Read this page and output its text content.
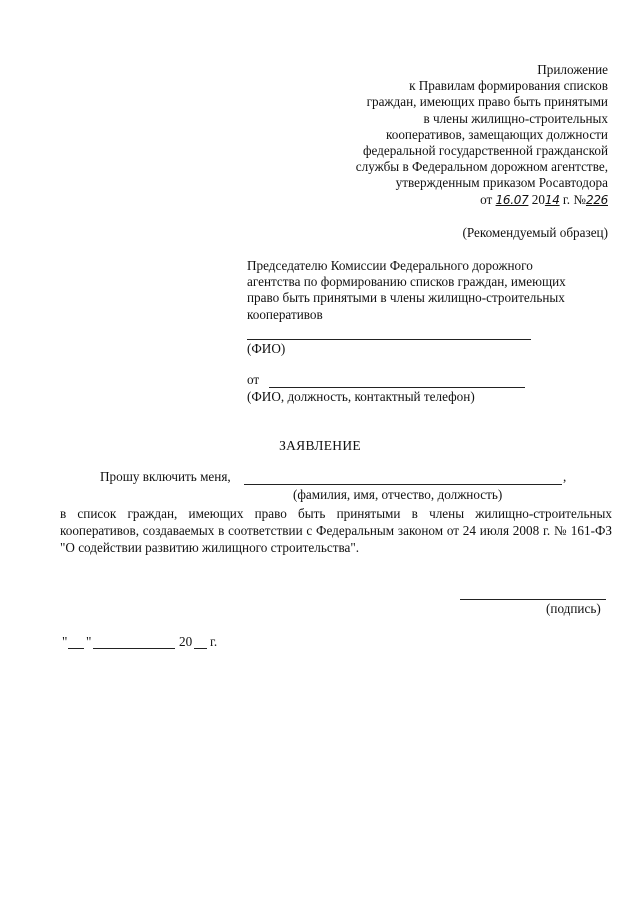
Приложение
к Правилам формирования списков
граждан, имеющих право быть принятыми
в члены жилищно-строительных
кооперативов, замещающих должности
федеральной государственной гражданской
службы в Федеральном дорожном агентстве,
утвержденным приказом Росавтодора
от 16.07 2014 г. №226
(Рекомендуемый образец)
Председателю Комиссии Федерального дорожного
агентства по формированию списков граждан, имеющих
право быть принятыми в члены жилищно-строительных
кооперативов
(ФИО)
от
(ФИО, должность, контактный телефон)
ЗАЯВЛЕНИЕ
Прошу включить меня,	,
(фамилия, имя, отчество, должность)
в список граждан, имеющих право быть принятыми в члены жилищно-строительных кооперативов, создаваемых в соответствии с Федеральным законом от 24 июля 2008 г. № 161-ФЗ "О содействии развитию жилищного строительства".
(подпись)
" "	20 г.
